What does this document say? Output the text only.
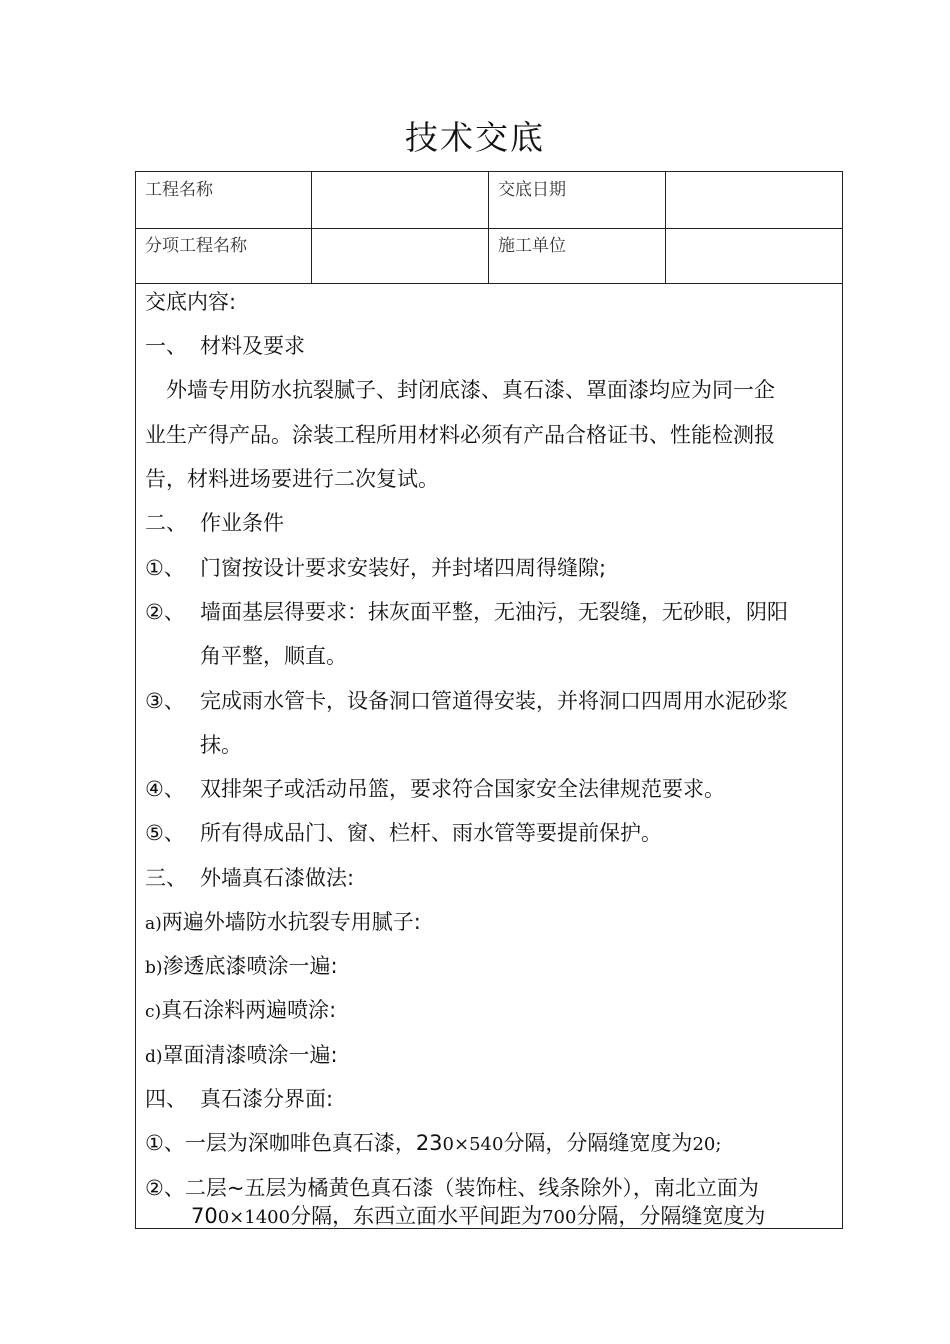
技术交底
工程名称	交底日期
分项工程名称	施工单位
交底内容:
一、 材料及要求
外墙专用防水抗裂腻子、封闭底漆、真石漆、罩面漆均应为同一企
业生产得产品。涂装工程所用材料必须有产品合格证书、性能检测报
告，材料进场要进行二次复试。
二、 作业条件
①、 门窗按设计要求安装好，并封堵四周得缝隙;
②、 墙面基层得要求：抹灰面平整，无油污，无裂缝，无砂眼，阴阳
角平整，顺直。
③、 完成雨水管卡，设备洞口管道得安装，并将洞口四周用水泥砂浆
抹。
④、 双排架子或活动吊篮，要求符合国家安全法律规范要求。
⑤、 所有得成品门、窗、栏杆、雨水管等要提前保护。
三、 外墙真石漆做法:
a)两遍外墙防水抗裂专用腻子:
b)渗透底漆喷涂一遍:
c)真石涂料两遍喷涂:
d)罩面清漆喷涂一遍:
四、 真石漆分界面:
①、一层为深咖啡色真石漆，230×540分隔，分隔缝宽度为20;
②、二层~五层为橘黄色真石漆（装饰柱、线条除外），南北立面为
700×1400分隔，东西立面水平间距为700分隔，分隔缝宽度为
